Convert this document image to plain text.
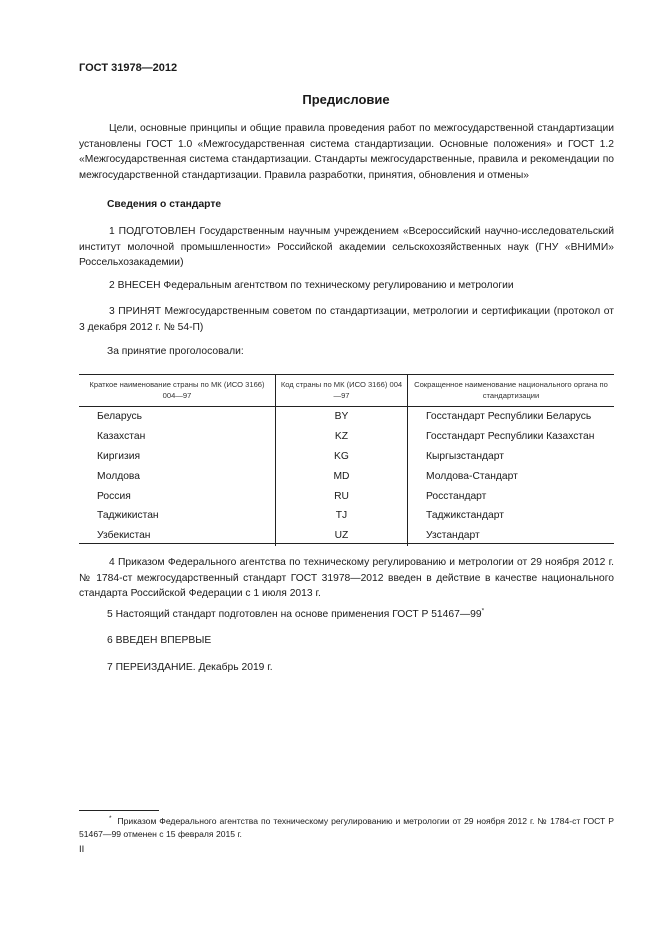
ГОСТ 31978—2012
Предисловие

Цели, основные принципы и общие правила проведения работ по межгосударственной стандартизации установлены ГОСТ 1.0 «Межгосударственная система стандартизации. Основные положения» и ГОСТ 1.2 «Межгосударственная система стандартизации. Стандарты межгосударственные, правила и рекомендации по межгосударственной стандартизации. Правила разработки, принятия, обновления и отмены»

Сведения о стандарте

1 ПОДГОТОВЛЕН Государственным научным учреждением «Всероссийский научно-исследовательский институт молочной промышленности» Российской академии сельскохозяйственных наук (ГНУ «ВНИМИ» Россельхозакадемии)

2 ВНЕСЕН Федеральным агентством по техническому регулированию и метрологии

3 ПРИНЯТ Межгосударственным советом по стандартизации, метрологии и сертификации (протокол от 3 декабря 2012 г. № 54-П)

За принятие проголосовали:
Краткое наименование страны по МК (ИСО 3166) 004—97	Код страны по МК (ИСО 3166) 004—97	Сокращенное наименование национального органа по стандартизации
Беларусь	BY	Госстандарт Республики Беларусь
Казахстан	KZ	Госстандарт Республики Казахстан
Киргизия	KG	Кыргызстандарт
Молдова	MD	Молдова-Стандарт
Россия	RU	Росстандарт
Таджикистан	TJ	Таджикстандарт
Узбекистан	UZ	Узстандарт

4 Приказом Федерального агентства по техническому регулированию и метрологии от 29 ноября 2012 г. № 1784-ст межгосударственный стандарт ГОСТ 31978—2012 введен в действие в качестве национального стандарта Российской Федерации с 1 июля 2013 г.

5 Настоящий стандарт подготовлен на основе применения ГОСТ Р 51467—99*
6 ВВЕДЕН ВПЕРВЫЕ
7 ПЕРЕИЗДАНИЕ. Декабрь 2019 г.

* Приказом Федерального агентства по техническому регулированию и метрологии от 29 ноября 2012 г. № 1784-ст ГОСТ Р 51467—99 отменен с 15 февраля 2015 г.

II
